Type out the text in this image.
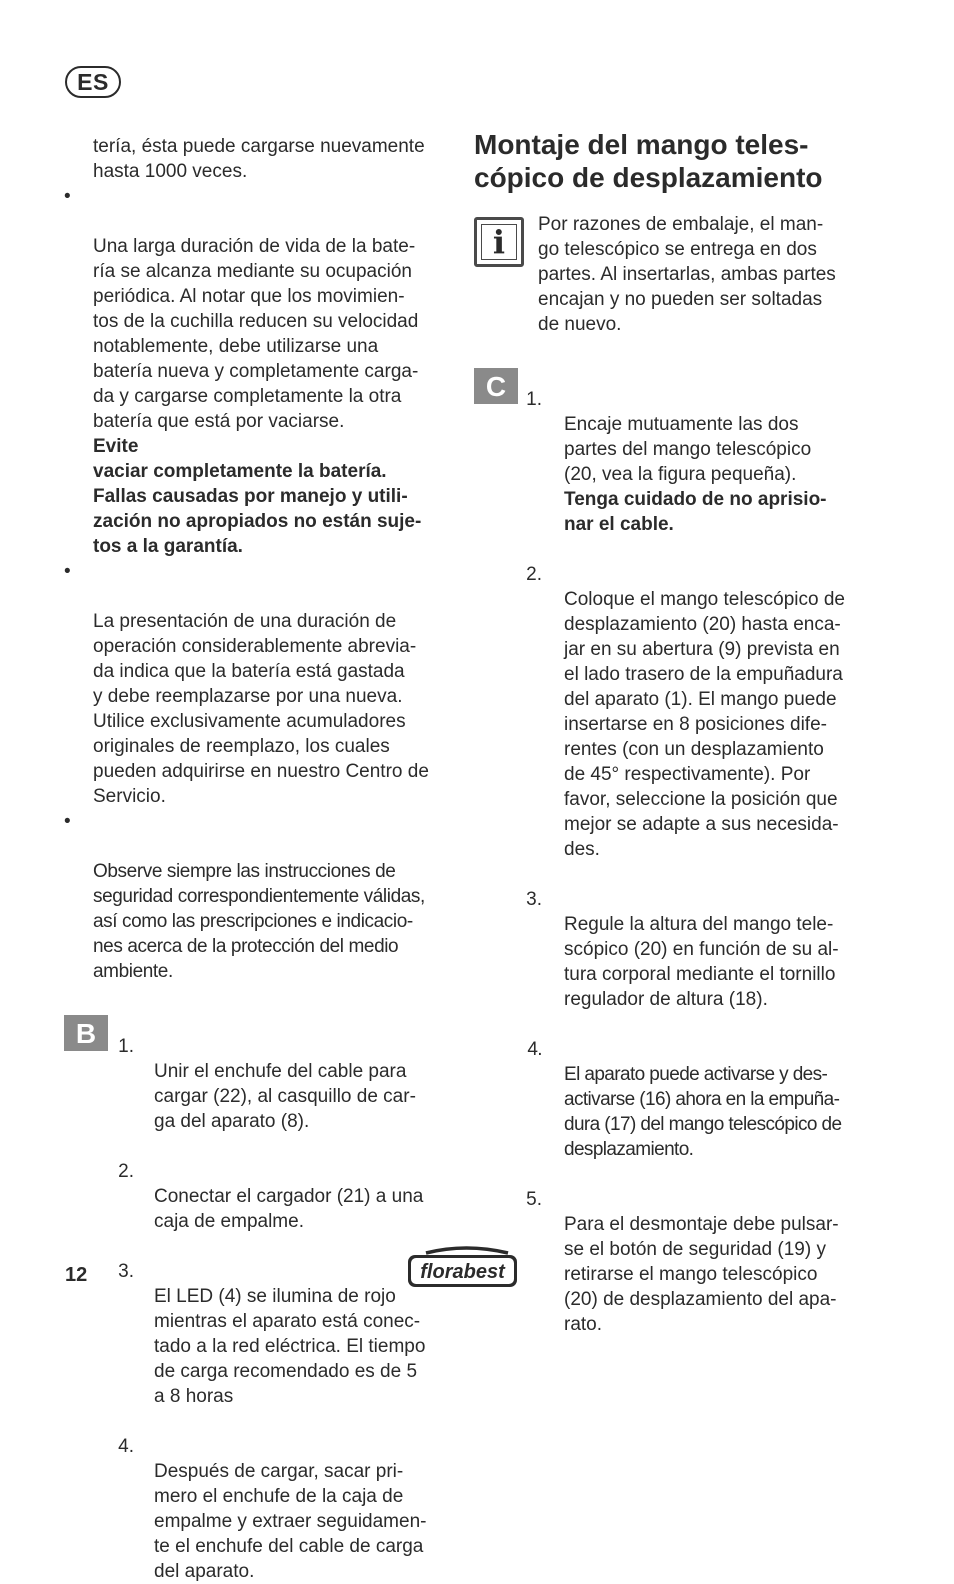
ES
tería, ésta puede cargarse nuevamente
hasta 1000 veces.

•

Una larga duración de vida de la bate-
ría se alcanza mediante su ocupación
periódica. Al notar que los movimien-
tos de la cuchilla reducen su velocidad
notablemente, debe utilizarse una
batería nueva y completamente carga-
da y cargarse completamente la otra
batería que está por vaciarse.
Evite
vaciar completamente la batería.
Fallas causadas por manejo y utili-
zación no apropiados no están suje-
tos a la garantía.

•

La presentación de una duración de
operación considerablemente abrevia-
da indica que la batería está gastada
y debe reemplazarse por una nueva.
Utilice exclusivamente acumuladores
originales de reemplazo, los cuales
pueden adquirirse en nuestro Centro de
Servicio.

•

Observe siempre las instrucciones de
seguridad correspondientemente válidas,
así como las prescripciones e indicacio-
nes acerca de la protección del medio
ambiente.

B	1.

Unir el enchufe del cable para
cargar (22), al casquillo de car-
ga del aparato (8).

2.

Conectar el cargador (21) a una
caja de empalme.

3.

El LED (4) se ilumina de rojo
mientras el aparato está conec-
tado a la red eléctrica. El tiempo
de carga recomendado es de 5
a 8 horas

4.

Después de cargar, sacar pri-
mero el enchufe de la caja de
empalme y extraer seguidamen-
te el enchufe del cable de carga
del aparato.

Montaje del mango teles-
cópico de desplazamiento
i	Por razones de embalaje, el man-
go telescópico se entrega en dos
partes. Al insertarlas, ambas partes
encajan y no pueden ser soltadas
de nuevo.
C	1.

Encaje mutuamente las dos
partes del mango telescópico
(20, vea la figura pequeña).
Tenga cuidado de no aprisio-
nar el cable.

2.

Coloque el mango telescópico de
desplazamiento (20) hasta enca-
jar en su abertura (9) prevista en
el lado trasero de la empuñadura
del aparato (1). El mango puede
insertarse en 8 posiciones dife-
rentes (con un desplazamiento
de 45° respectivamente). Por
favor, seleccione la posición que
mejor se adapte a sus necesida-
des.

3.

Regule la altura del mango tele-
scópico (20) en función de su al-
tura corporal mediante el tornillo
regulador de altura (18).

4.

El aparato puede activarse y des-
activarse (16) ahora en la empuña-
dura (17) del mango telescópico de
desplazamiento.

5.

Para el desmontaje debe pulsar-
se el botón de seguridad (19) y
retirarse el mango telescópico
(20) de desplazamiento del apa-
rato.

12	florabest
